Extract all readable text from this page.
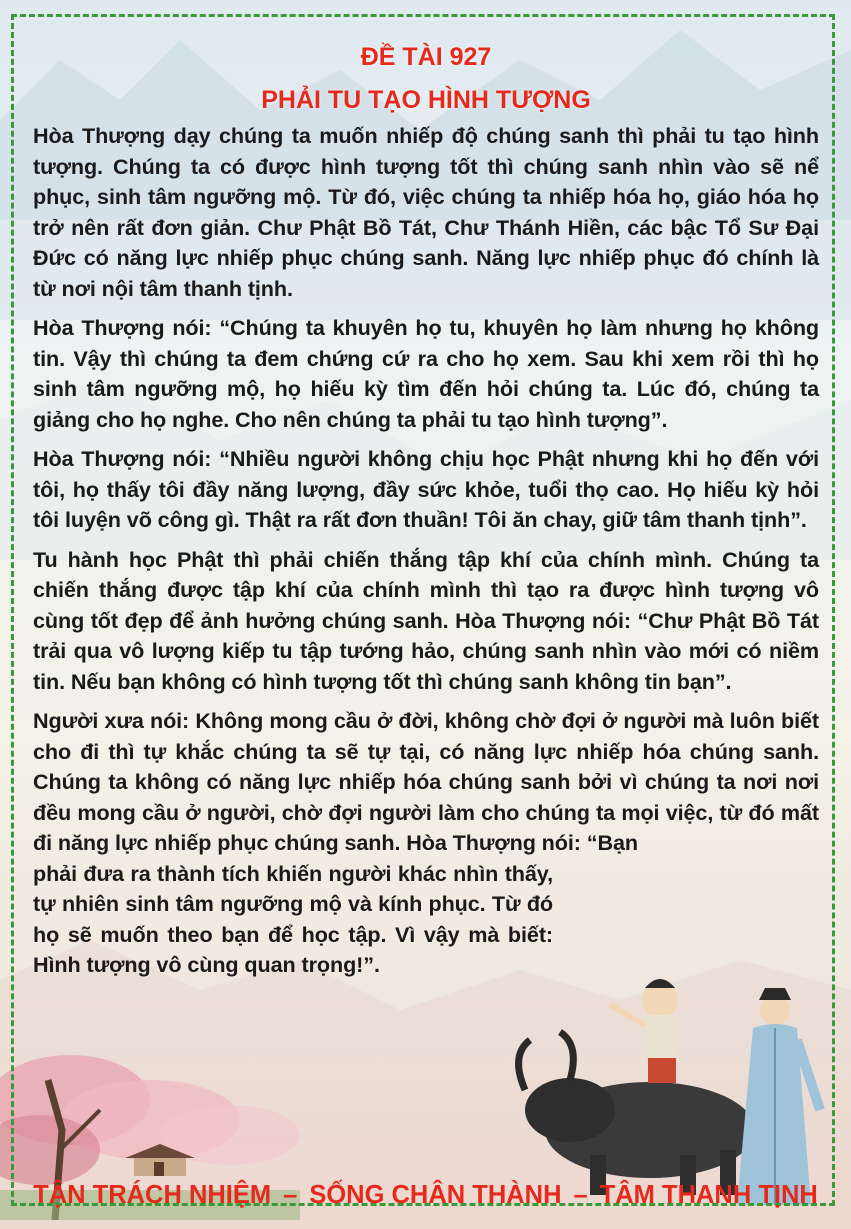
ĐỀ TÀI 927
PHẢI TU TẠO HÌNH TƯỢNG

Hòa Thượng dạy chúng ta muốn nhiếp độ chúng sanh thì phải tu tạo hình tượng. Chúng ta có được hình tượng tốt thì chúng sanh nhìn vào sẽ nể phục, sinh tâm ngưỡng mộ. Từ đó, việc chúng ta nhiếp hóa họ, giáo hóa họ trở nên rất đơn giản. Chư Phật Bồ Tát, Chư Thánh Hiền, các bậc Tổ Sư Đại Đức có năng lực nhiếp phục chúng sanh. Năng lực nhiếp phục đó chính là từ nơi nội tâm thanh tịnh.

Hòa Thượng nói: “Chúng ta khuyên họ tu, khuyên họ làm nhưng họ không tin. Vậy thì chúng ta đem chứng cứ ra cho họ xem. Sau khi xem rồi thì họ sinh tâm ngưỡng mộ, họ hiếu kỳ tìm đến hỏi chúng ta. Lúc đó, chúng ta giảng cho họ nghe. Cho nên chúng ta phải tu tạo hình tượng”.

Hòa Thượng nói: “Nhiều người không chịu học Phật nhưng khi họ đến với tôi, họ thấy tôi đầy năng lượng, đầy sức khỏe, tuổi thọ cao. Họ hiếu kỳ hỏi tôi luyện võ công gì. Thật ra rất đơn thuần! Tôi ăn chay, giữ tâm thanh tịnh”.

Tu hành học Phật thì phải chiến thắng tập khí của chính mình. Chúng ta chiến thắng được tập khí của chính mình thì tạo ra được hình tượng vô cùng tốt đẹp để ảnh hưởng chúng sanh. Hòa Thượng nói: “Chư Phật Bồ Tát trải qua vô lượng kiếp tu tập tướng hảo, chúng sanh nhìn vào mới có niềm tin. Nếu bạn không có hình tượng tốt thì chúng sanh không tin bạn”.

Người xưa nói: Không mong cầu ở đời, không chờ đợi ở người mà luôn biết cho đi thì tự khắc chúng ta sẽ tự tại, có năng lực nhiếp hóa chúng sanh. Chúng ta không có năng lực nhiếp hóa chúng sanh bởi vì chúng ta nơi nơi đều mong cầu ở người, chờ đợi người làm cho chúng ta mọi việc, từ đó mất đi năng lực nhiếp phục chúng sanh. Hòa Thượng nói: “Bạn

phải đưa ra thành tích khiến người khác nhìn thấy, tự nhiên sinh tâm ngưỡng mộ và kính phục. Từ đó họ sẽ muốn theo bạn để học tập. Vì vậy mà biết: Hình tượng vô cùng quan trọng!”.

TẬN TRÁCH NHIỆM – SỐNG CHÂN THÀNH – TÂM THANH TỊNH
